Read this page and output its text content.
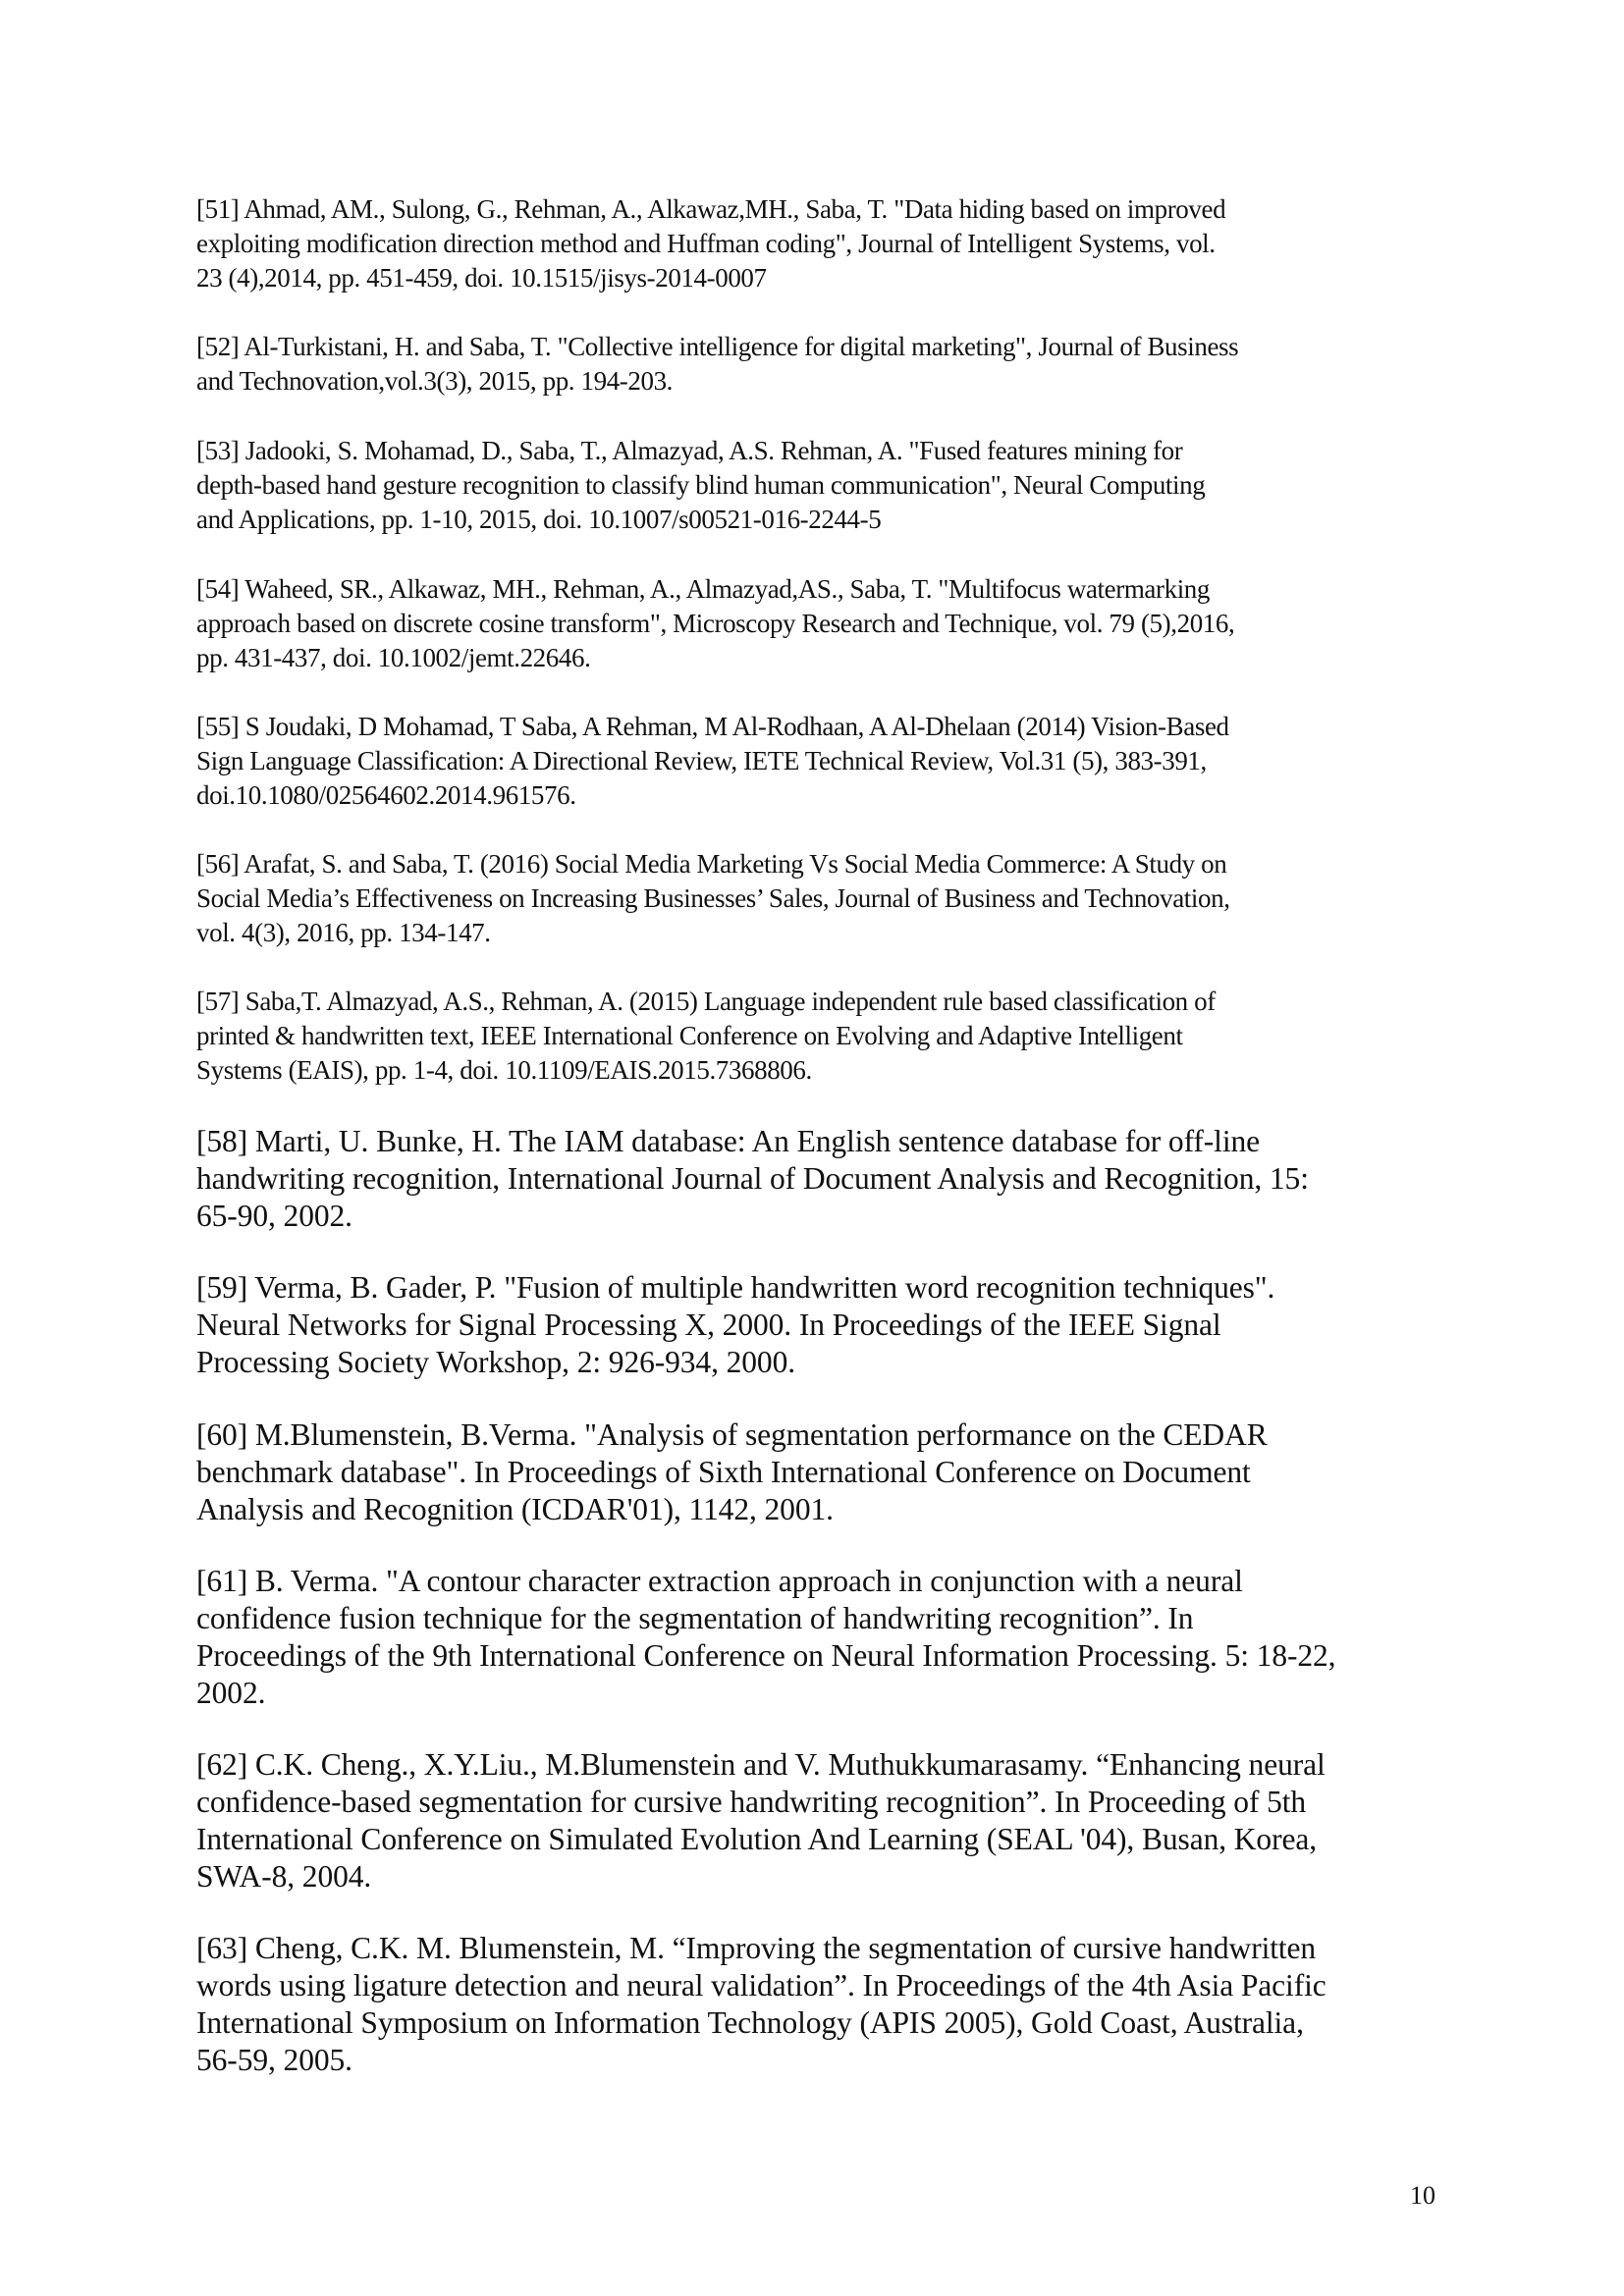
[51] Ahmad, AM., Sulong, G., Rehman, A., Alkawaz,MH., Saba, T. "Data hiding based on improved
exploiting modification direction method and Huffman coding", Journal of Intelligent Systems, vol.
23 (4),2014, pp. 451-459, doi. 10.1515/jisys-2014-0007
[52] Al-Turkistani, H. and Saba, T. "Collective intelligence for digital marketing", Journal of Business
and Technovation,vol.3(3), 2015, pp. 194-203.
[53] Jadooki, S. Mohamad, D., Saba, T., Almazyad, A.S. Rehman, A. "Fused features mining for
depth-based hand gesture recognition to classify blind human communication", Neural Computing
and Applications, pp. 1-10, 2015, doi. 10.1007/s00521-016-2244-5
[54] Waheed, SR., Alkawaz, MH., Rehman, A., Almazyad,AS., Saba, T. "Multifocus watermarking
approach based on discrete cosine transform", Microscopy Research and Technique, vol. 79 (5),2016,
pp. 431-437, doi. 10.1002/jemt.22646.
[55] S Joudaki, D Mohamad, T Saba, A Rehman, M Al-Rodhaan, A Al-Dhelaan (2014) Vision-Based
Sign Language Classification: A Directional Review, IETE Technical Review, Vol.31 (5), 383-391,
doi.10.1080/02564602.2014.961576.
[56] Arafat, S. and Saba, T. (2016) Social Media Marketing Vs Social Media Commerce: A Study on
Social Media’s Effectiveness on Increasing Businesses’ Sales, Journal of Business and Technovation,
vol. 4(3), 2016, pp. 134-147.
[57] Saba,T. Almazyad, A.S., Rehman, A. (2015) Language independent rule based classification of
printed & handwritten text, IEEE International Conference on Evolving and Adaptive Intelligent
Systems (EAIS), pp. 1-4, doi. 10.1109/EAIS.2015.7368806.
[58] Marti, U. Bunke, H. The IAM database: An English sentence database for off-line
handwriting recognition, International Journal of Document Analysis and Recognition, 15:
65-90, 2002.
[59] Verma, B. Gader, P. "Fusion of multiple handwritten word recognition techniques".
Neural Networks for Signal Processing X, 2000. In Proceedings of the IEEE Signal
Processing Society Workshop, 2: 926-934, 2000.
[60] M.Blumenstein, B.Verma. "Analysis of segmentation performance on the CEDAR
benchmark database". In Proceedings of Sixth International Conference on Document
Analysis and Recognition (ICDAR'01), 1142, 2001.
[61] B. Verma. "A contour character extraction approach in conjunction with a neural
confidence fusion technique for the segmentation of handwriting recognition”. In
Proceedings of the 9th International Conference on Neural Information Processing. 5: 18-22,
2002.
[62] C.K. Cheng., X.Y.Liu., M.Blumenstein and V. Muthukkumarasamy. “Enhancing neural
confidence-based segmentation for cursive handwriting recognition”. In Proceeding of 5th
International Conference on Simulated Evolution And Learning (SEAL '04), Busan, Korea,
SWA-8, 2004.
[63] Cheng, C.K. M. Blumenstein, M. “Improving the segmentation of cursive handwritten
words using ligature detection and neural validation”. In Proceedings of the 4th Asia Pacific
International Symposium on Information Technology (APIS 2005), Gold Coast, Australia,
56-59, 2005.
10
